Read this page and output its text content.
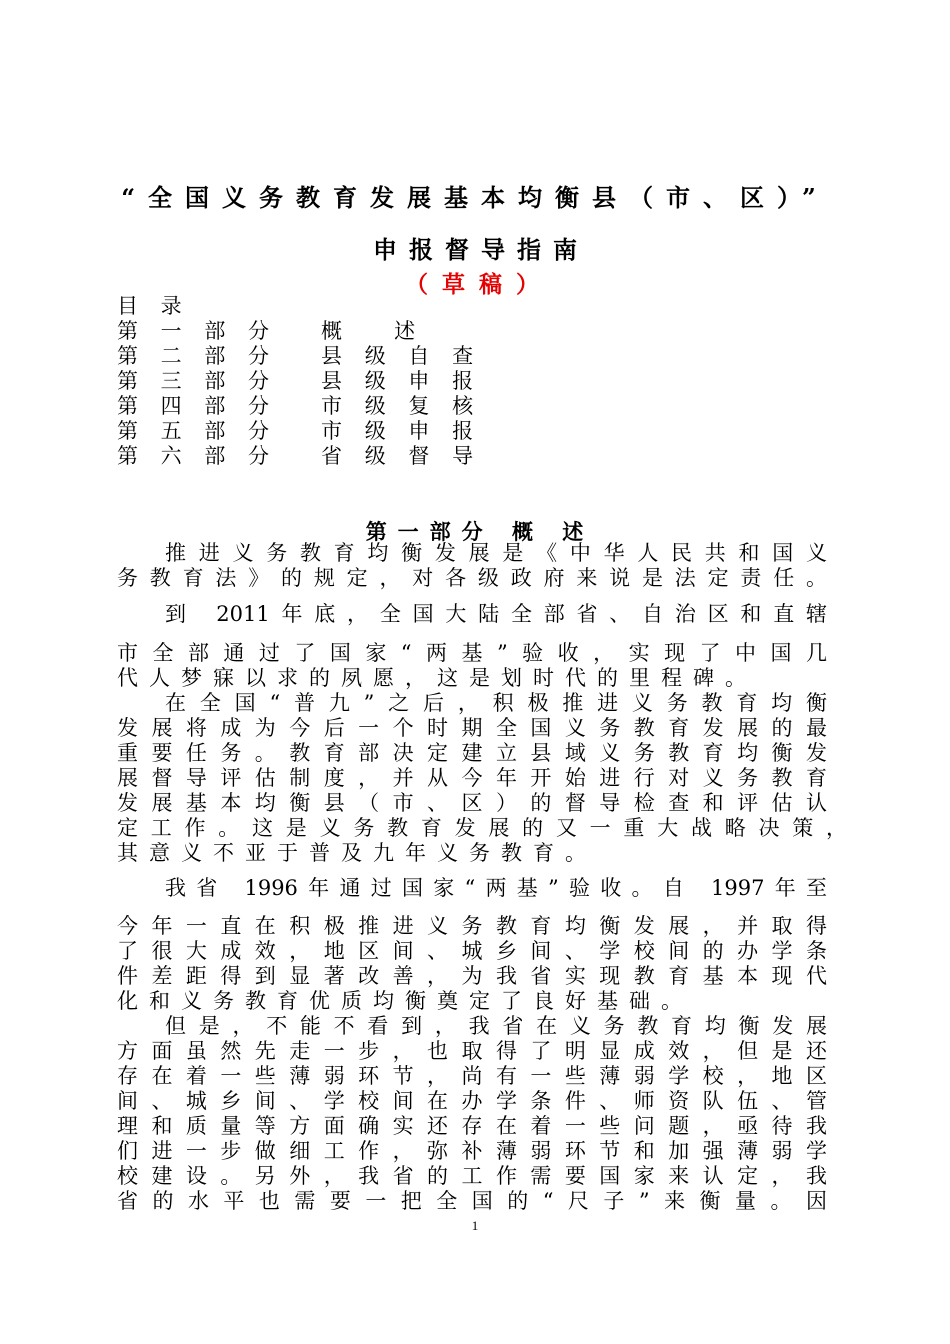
“全国义务教育发展基本均衡县（市、区）”
申报督导指南
（草稿）
目 录
第 一 部 分   概   述
第 二 部 分   县 级 自 查
第 三 部 分   县 级 申 报
第 四 部 分   市 级 复 核
第 五 部 分   市 级 申 报
第 六 部 分   省 级 督 导
第一部分 概 述
推进义务教育均衡发展是《中华人民共和国义
务教育法》的规定，对各级政府来说是法定责任。
到 2011年底，全国大陆全部省、自治区和直辖
市全部通过了国家“两基”验收，实现了中国几
代人梦寐以求的夙愿，这是划时代的里程碑。
在全国“普九”之后，积极推进义务教育均衡
发展将成为今后一个时期全国义务教育发展的最
重要任务。教育部决定建立县域义务教育均衡发
展督导评估制度，并从今年开始进行对义务教育
发展基本均衡县（市、区）的督导检查和评估认
定工作。这是义务教育发展的又一重大战略决策，
其意义不亚于普及九年义务教育。
我省 1996年通过国家“两基”验收。自 1997年至
今年一直在积极推进义务教育均衡发展，并取得
了很大成效，地区间、城乡间、学校间的办学条
件差距得到显著改善，为我省实现教育基本现代
化和义务教育优质均衡奠定了良好基础。
但是，不能不看到，我省在义务教育均衡发展
方面虽然先走一步，也取得了明显成效，但是还
存在着一些薄弱环节，尚有一些薄弱学校，地区
间、城乡间、学校间在办学条件、师资队伍、管
理和质量等方面确实还存在着一些问题，亟待我
们进一步做细工作，弥补薄弱环节和加强薄弱学
校建设。另外，我省的工作需要国家来认定，我
省的水平也需要一把全国的“尺子”来衡量。因
1
